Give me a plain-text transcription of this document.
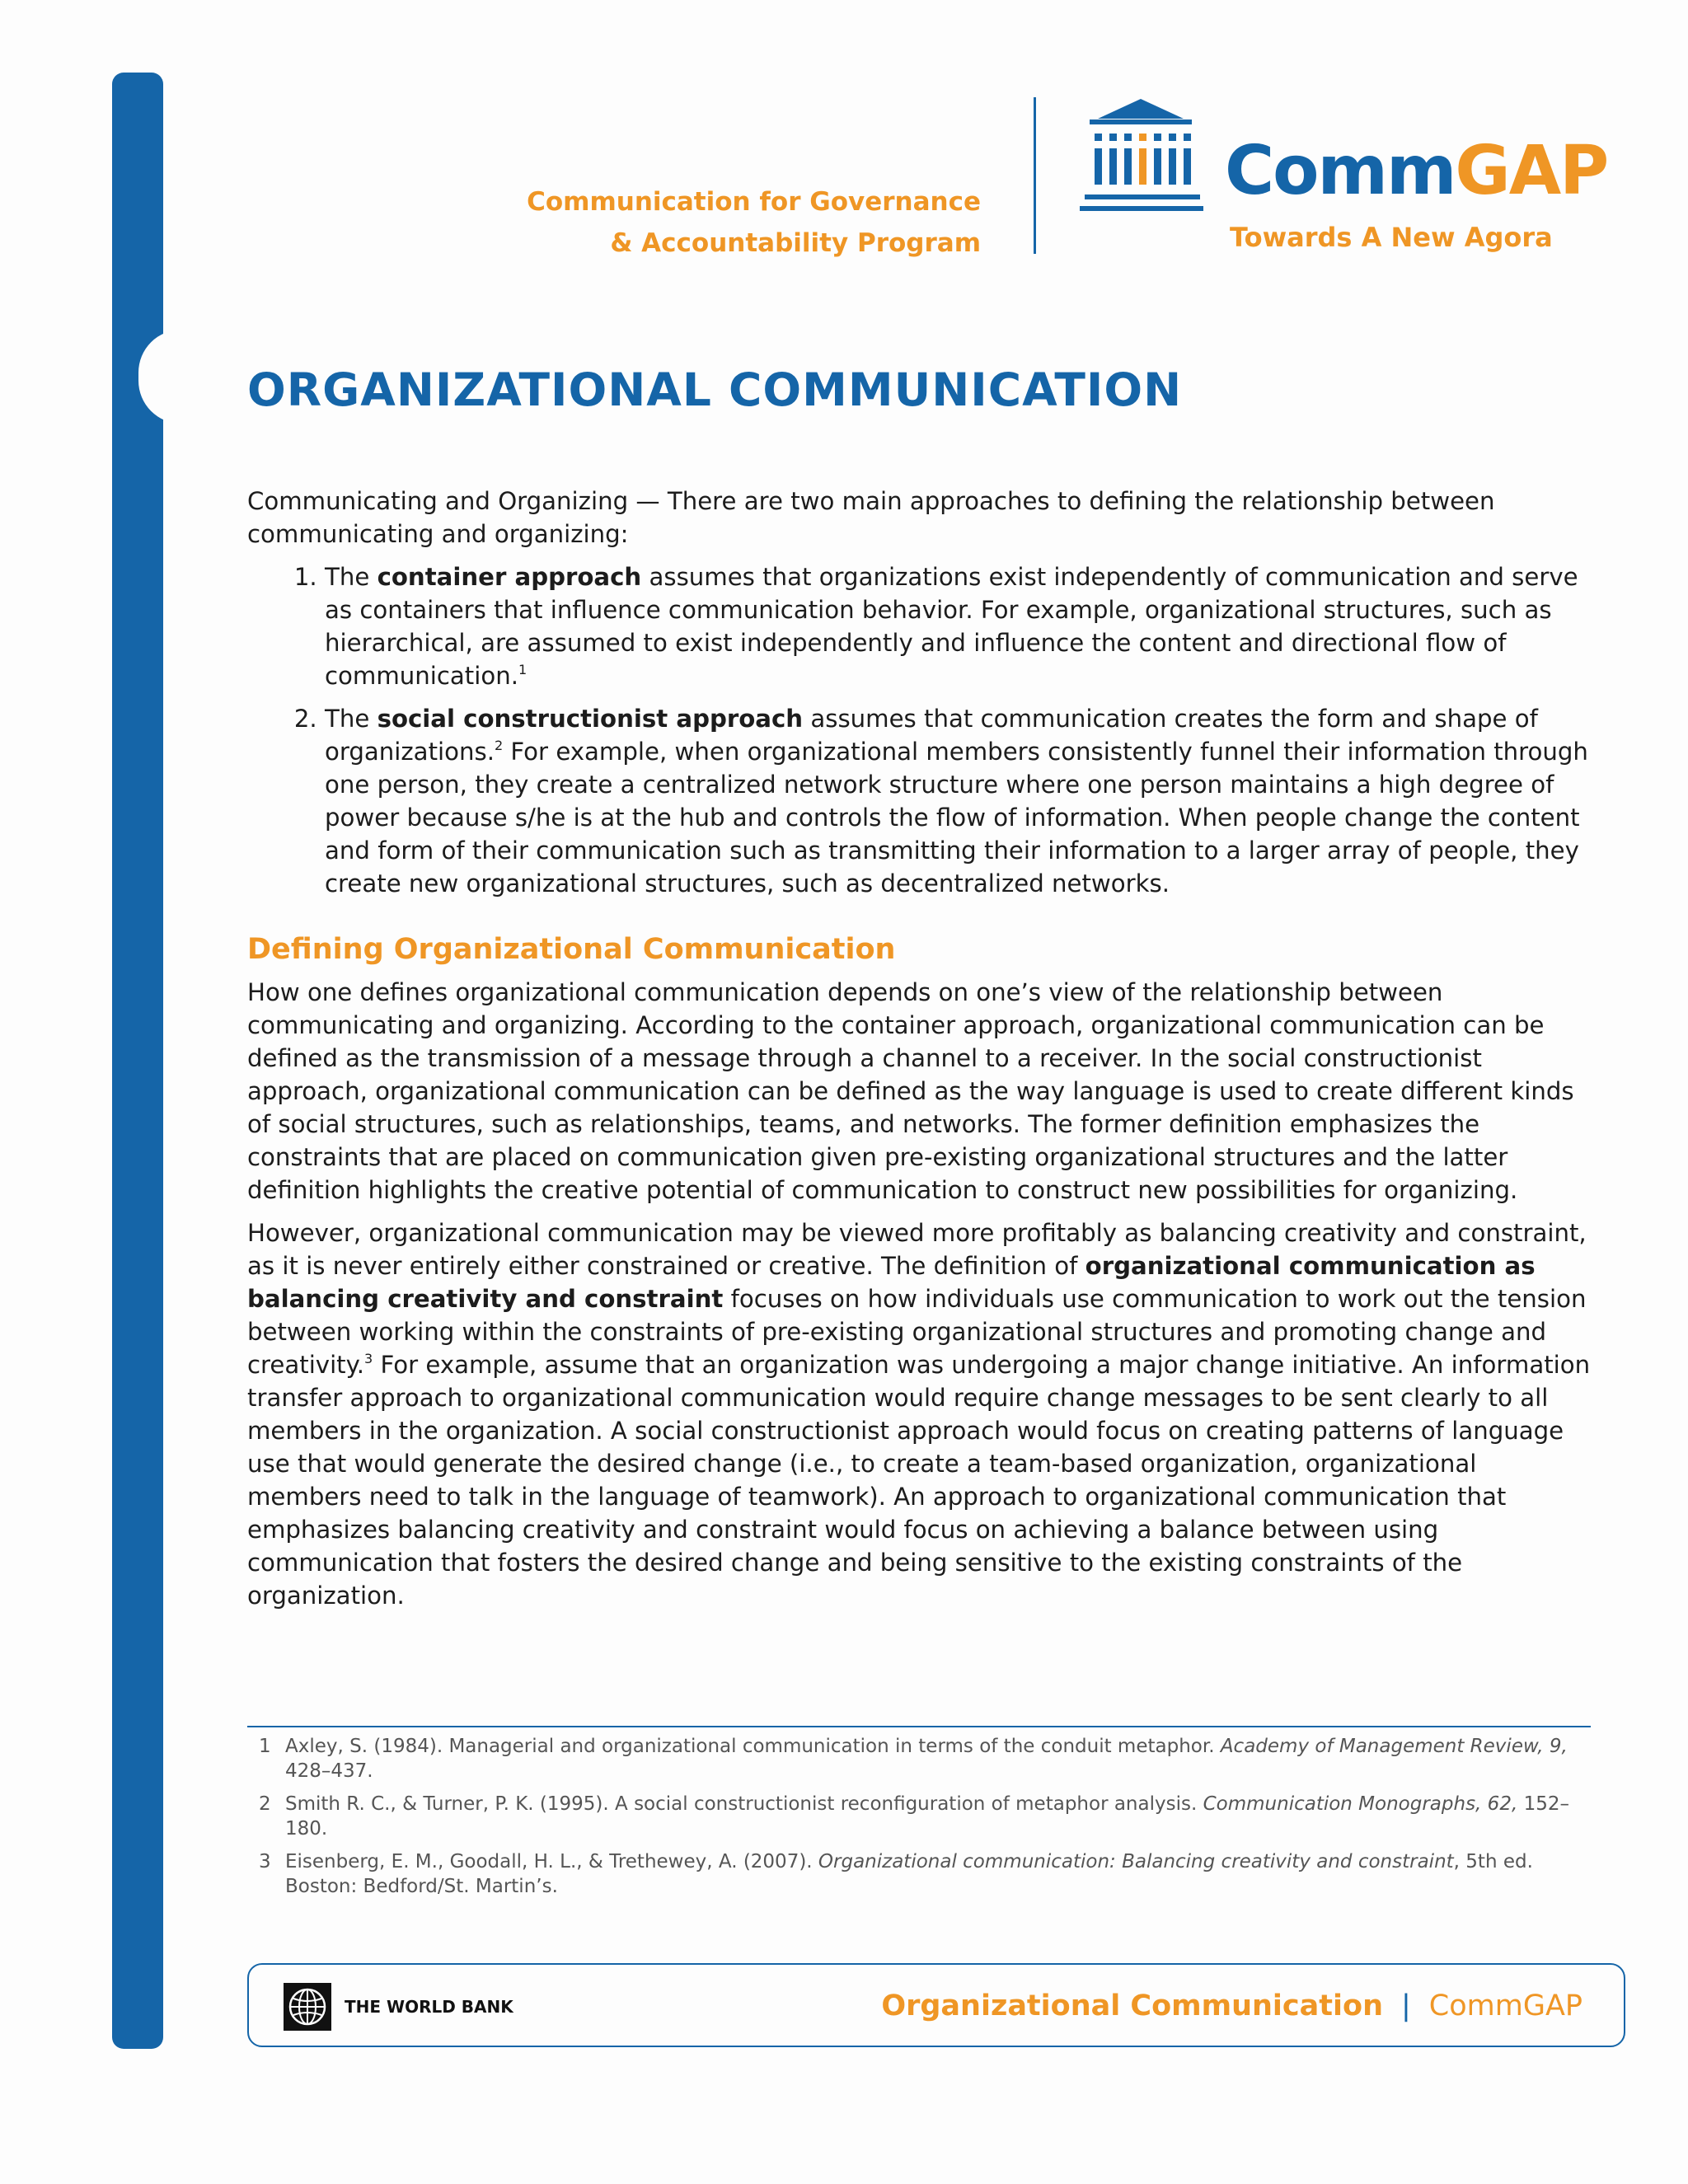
Communication for Governance
& Accountability Program
CommGAP
Towards A New Agora
ORGANIZATIONAL COMMUNICATION

Communicating and Organizing — There are two main approaches to defining the relationship between communicating and organizing:

1. The container approach assumes that organizations exist independently of communication and serve as containers that influence communication behavior. For example, organizational structures, such as hierarchical, are assumed to exist independently and influence the content and directional flow of communication.$^1$
2. The social constructionist approach assumes that communication creates the form and shape of organizations.$^2$ For example, when organizational members consistently funnel their information through one person, they create a centralized network structure where one person maintains a high degree of power because s/he is at the hub and controls the flow of information. When people change the content and form of their communication such as transmitting their information to a larger array of people, they create new organizational structures, such as decentralized networks.
Defining Organizational Communication

How one defines organizational communication depends on one’s view of the relationship between communicating and organizing. According to the container approach, organizational communication can be defined as the transmission of a message through a channel to a receiver. In the social constructionist approach, organizational communication can be defined as the way language is used to create different kinds of social structures, such as relationships, teams, and networks. The former definition emphasizes the constraints that are placed on communication given pre-existing organizational structures and the latter definition highlights the creative potential of communication to construct new possibilities for organizing.

However, organizational communication may be viewed more profitably as balancing creativity and constraint, as it is never entirely either constrained or creative. The definition of organizational communication as balancing creativity and constraint focuses on how individuals use communication to work out the tension between working within the constraints of pre-existing organizational structures and promoting change and creativity.$^3$ For example, assume that an organization was undergoing a major change initiative. An information transfer approach to organizational communication would require change messages to be sent clearly to all members in the organization. A social constructionist approach would focus on creating patterns of language use that would generate the desired change (i.e., to create a team-based organization, organizational members need to talk in the language of teamwork). An approach to organizational communication that emphasizes balancing creativity and constraint would focus on achieving a balance between using communication that fosters the desired change and being sensitive to the existing constraints of the organization.

1 Axley, S. (1984). Managerial and organizational communication in terms of the conduit metaphor. Academy of Management Review, 9, 428–437.
2 Smith R. C., & Turner, P. K. (1995). A social constructionist reconfiguration of metaphor analysis. Communication Monographs, 62, 152–180.
3 Eisenberg, E. M., Goodall, H. L., & Trethewey, A. (2007). Organizational communication: Balancing creativity and constraint, 5th ed. Boston: Bedford/St. Martin’s.
THE WORLD BANK	Organizational Communication | CommGAP
